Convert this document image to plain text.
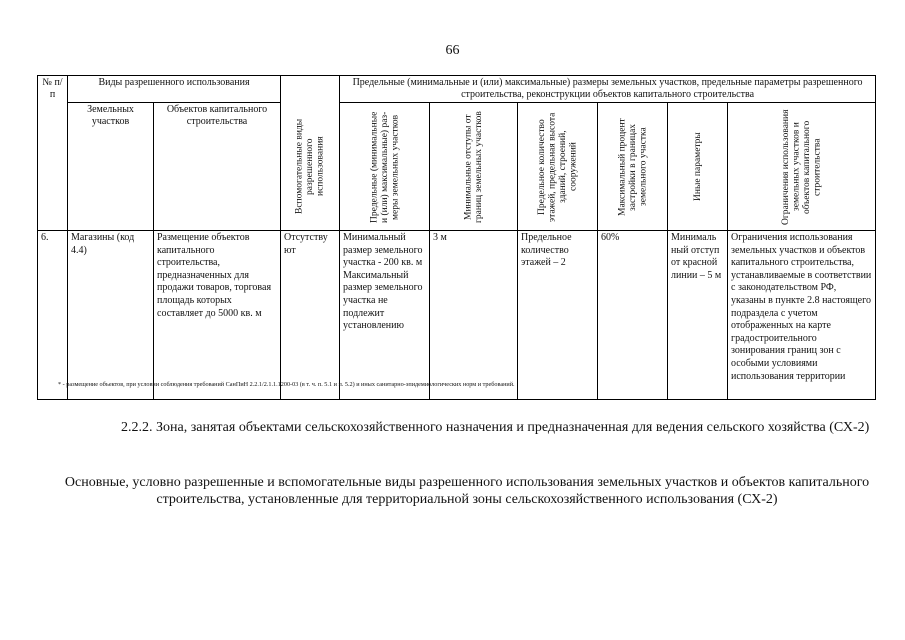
66
№ п/п	Виды разрешенного использования		Вспомогательные виды разрешенного использования	Предельные (минимальные и (или) максимальные) размеры земельных участков, предельные параметры разрешенного строительства, реконструкции объектов капитального строительства					
	Земельных участков	Объектов капитального строительства		Предельные (минимальные и (или) максимальные) раз-меры земельных участков	Минимальные отступы от границ земельных участков	Предельное количество этажей, предельная высота зданий, строений, сооружений	Максимальный процент застройки в границах земельного участка	Иные параметры	Ограничения использования земельных участков и объектов капитального строительства

6.	Магазины (код 4.4)	Размещение объектов капитального строительства, предназначенных для продажи товаров, торговая площадь которых составляет до 5000 кв. м	Отсутству ют	Минимальный размер земельного участка - 200 кв. м Максимальный размер земельного участка не подлежит установлению	3 м	Предельное количество этажей – 2	60%	Минималь ный отступ от красной линии – 5 м	Ограничения использования земельных участков и объектов капитального строительства, устанавливаемые в соответствии с законодательством РФ, указаны в пункте 2.8 настоящего подраздела с учетом отображенных на карте градостроительного зонирования границ зон с особыми условиями использования территории
* - размещение объектов, при условии соблюдения требований СанПиН 2.2.1/2.1.1.1200-03 (в т. ч. п. 5.1 и п. 5.2) и иных санитарно-эпидемиологических норм и требований.
2.2.2. Зона, занятая объектами сельскохозяйственного назначения и предназначенная для ведения сельского хозяйства (СХ-2)
Основные, условно разрешенные и вспомогательные виды разрешенного использования земельных участков и объектов капитального строительства, установленные для территориальной зоны сельскохозяйственного использования (СХ-2)
